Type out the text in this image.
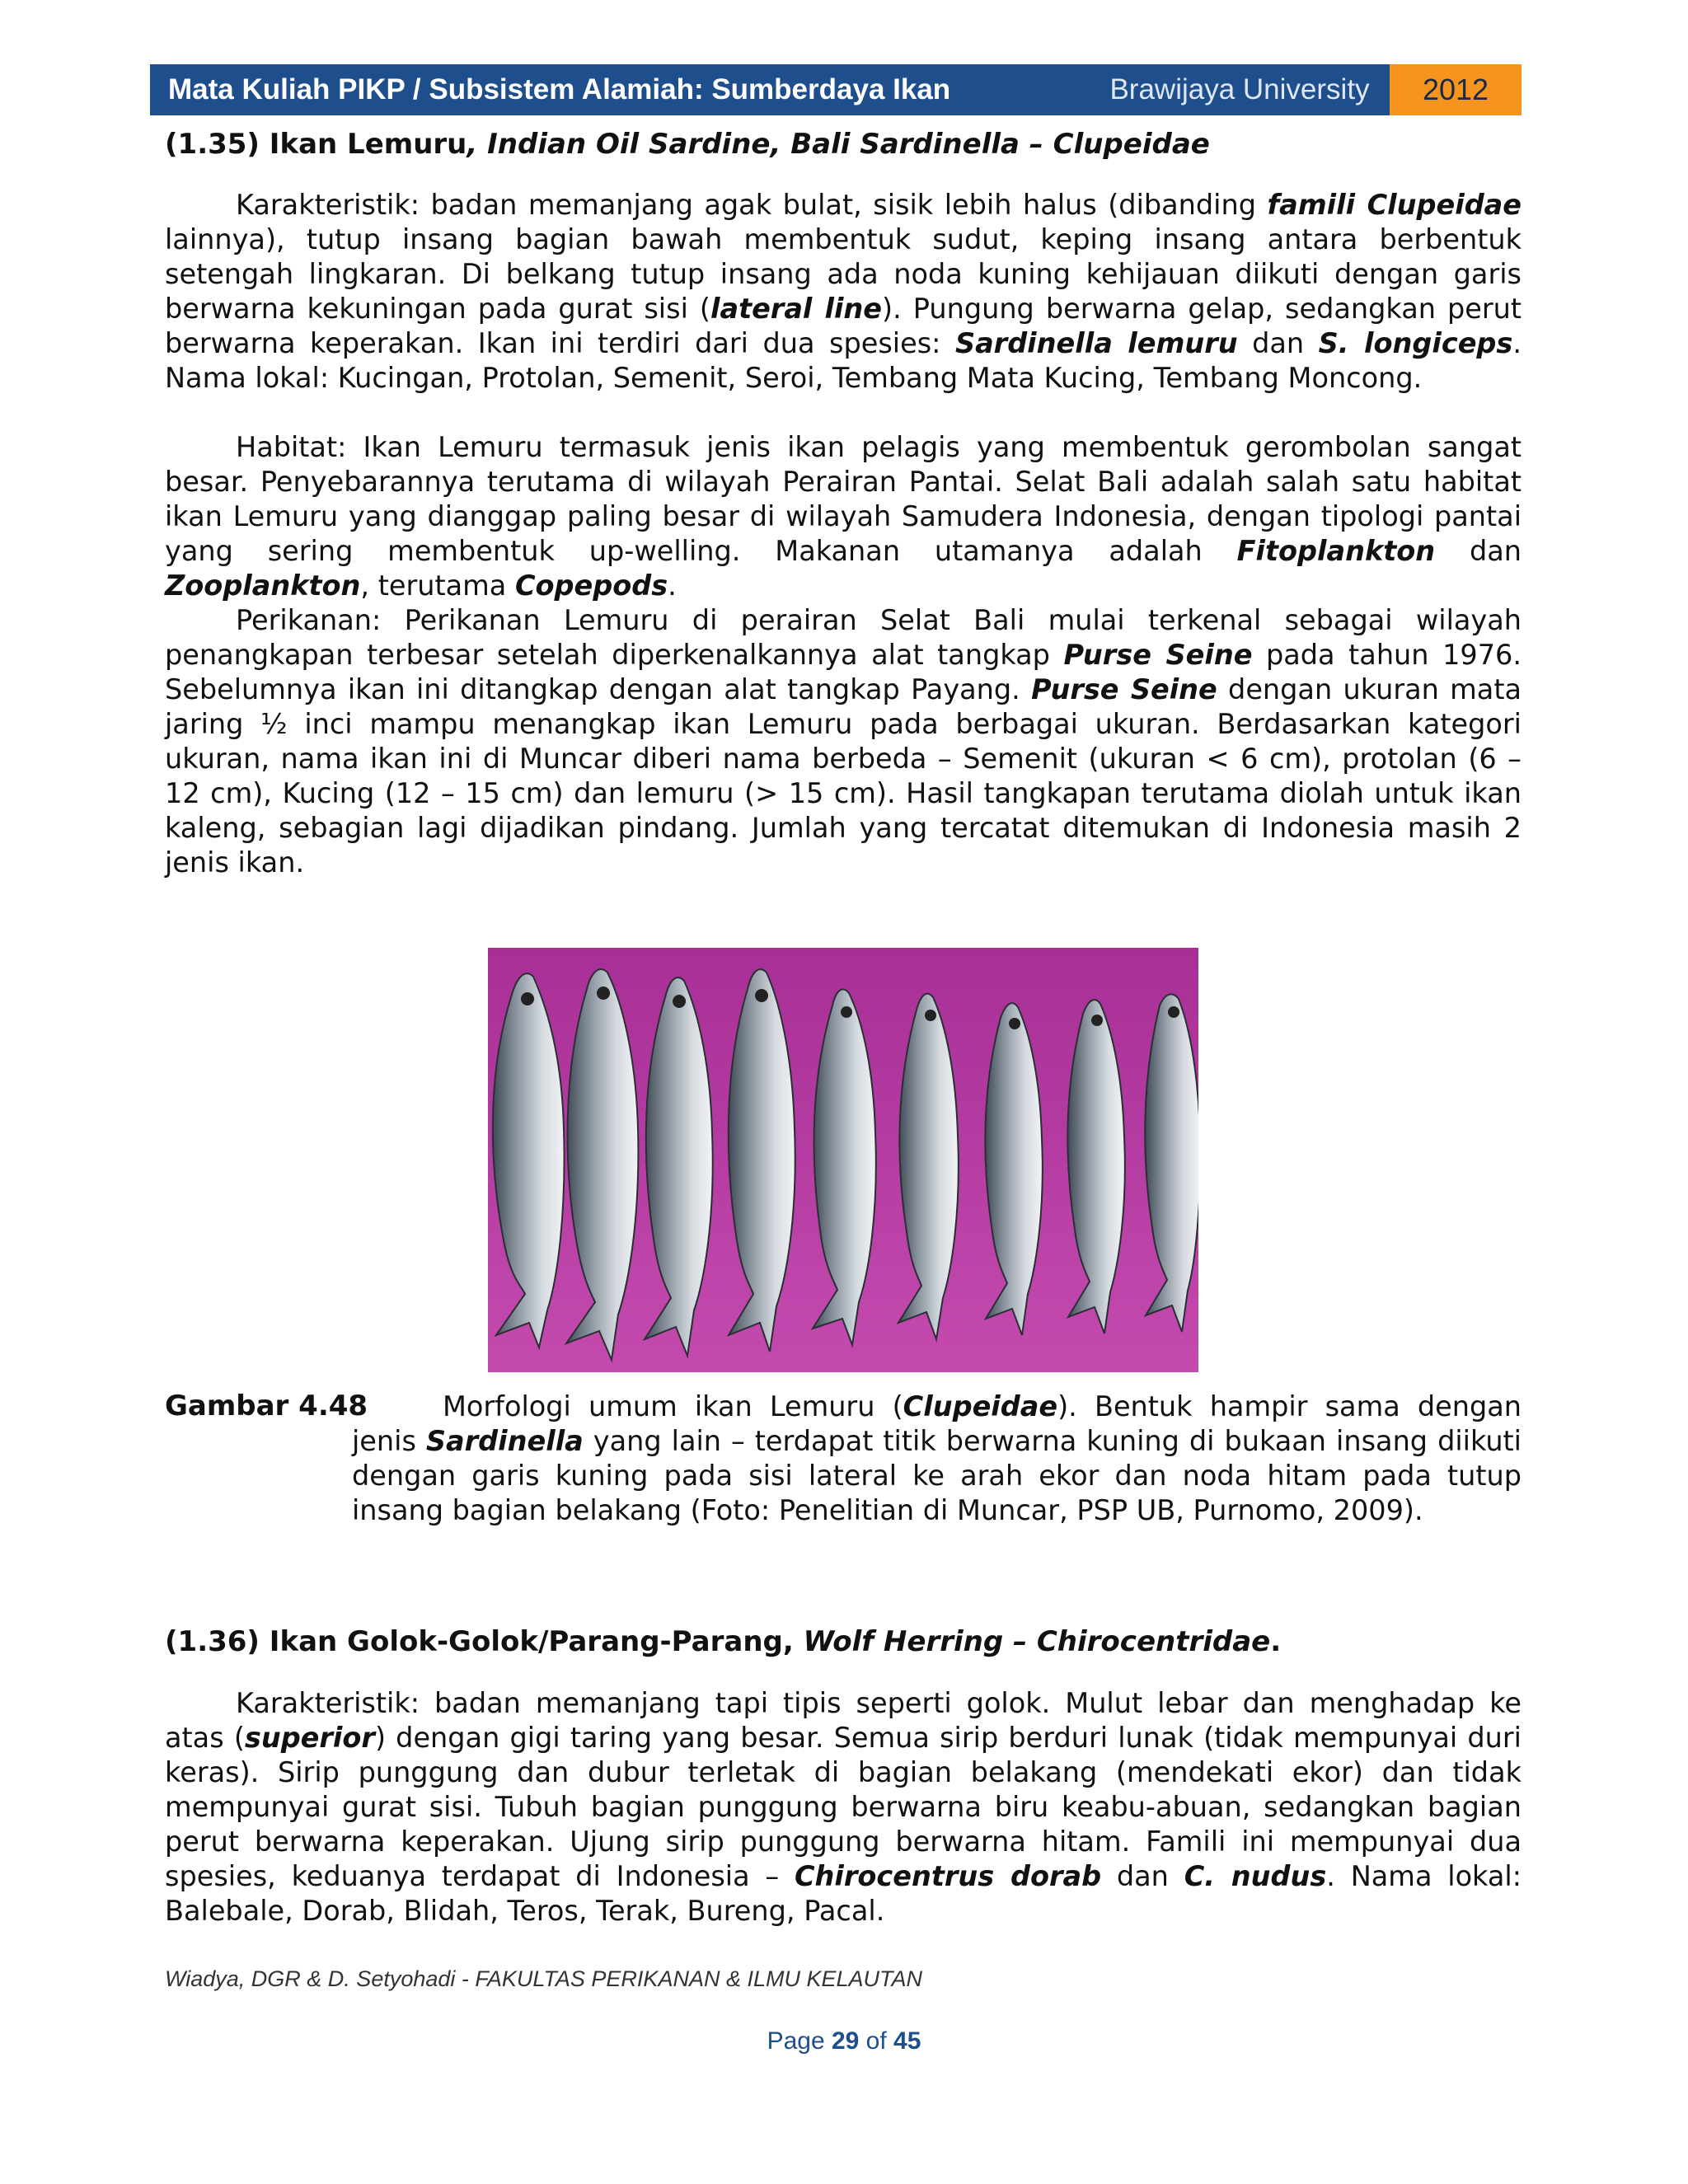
Mata Kuliah PIKP / Subsistem Alamiah: Sumberdaya Ikan	Brawijaya University	2012
(1.35) Ikan Lemuru, Indian Oil Sardine, Bali Sardinella – Clupeidae

Karakteristik: badan memanjang agak bulat, sisik lebih halus (dibanding famili Clupeidae lainnya), tutup insang bagian bawah membentuk sudut, keping insang antara berbentuk setengah lingkaran. Di belkang tutup insang ada noda kuning kehijauan diikuti dengan garis berwarna kekuningan pada gurat sisi (lateral line). Pungung berwarna gelap, sedangkan perut berwarna keperakan. Ikan ini terdiri dari dua spesies: Sardinella lemuru dan S. longiceps. Nama lokal: Kucingan, Protolan, Semenit, Seroi, Tembang Mata Kucing, Tembang Moncong.

Habitat: Ikan Lemuru termasuk jenis ikan pelagis yang membentuk gerombolan sangat besar. Penyebarannya terutama di wilayah Perairan Pantai. Selat Bali adalah salah satu habitat ikan Lemuru yang dianggap paling besar di wilayah Samudera Indonesia, dengan tipologi pantai yang sering membentuk up-welling. Makanan utamanya adalah Fitoplankton dan Zooplankton, terutama Copepods.

Perikanan: Perikanan Lemuru di perairan Selat Bali mulai terkenal sebagai wilayah penangkapan terbesar setelah diperkenalkannya alat tangkap Purse Seine pada tahun 1976. Sebelumnya ikan ini ditangkap dengan alat tangkap Payang. Purse Seine dengan ukuran mata jaring ½ inci mampu menangkap ikan Lemuru pada berbagai ukuran. Berdasarkan kategori ukuran, nama ikan ini di Muncar diberi nama berbeda – Semenit (ukuran < 6 cm), protolan (6 – 12 cm), Kucing (12 – 15 cm) dan lemuru (> 15 cm). Hasil tangkapan terutama diolah untuk ikan kaleng, sebagian lagi dijadikan pindang. Jumlah yang tercatat ditemukan di Indonesia masih 2 jenis ikan.

Gambar 4.48	Morfologi umum ikan Lemuru (Clupeidae). Bentuk hampir sama dengan jenis Sardinella yang lain – terdapat titik berwarna kuning di bukaan insang diikuti dengan garis kuning pada sisi lateral ke arah ekor dan noda hitam pada tutup insang bagian belakang (Foto: Penelitian di Muncar, PSP UB, Purnomo, 2009).

(1.36) Ikan Golok-Golok/Parang-Parang, Wolf Herring – Chirocentridae.

Karakteristik: badan memanjang tapi tipis seperti golok. Mulut lebar dan menghadap ke atas (superior) dengan gigi taring yang besar. Semua sirip berduri lunak (tidak mempunyai duri keras). Sirip punggung dan dubur terletak di bagian belakang (mendekati ekor) dan tidak mempunyai gurat sisi. Tubuh bagian punggung berwarna biru keabu-abuan, sedangkan bagian perut berwarna keperakan. Ujung sirip punggung berwarna hitam. Famili ini mempunyai dua spesies, keduanya terdapat di Indonesia – Chirocentrus dorab dan C. nudus. Nama lokal: Balebale, Dorab, Blidah, Teros, Terak, Bureng, Pacal.

Wiadya, DGR & D. Setyohadi - FAKULTAS PERIKANAN & ILMU KELAUTAN
Page 29 of 45
